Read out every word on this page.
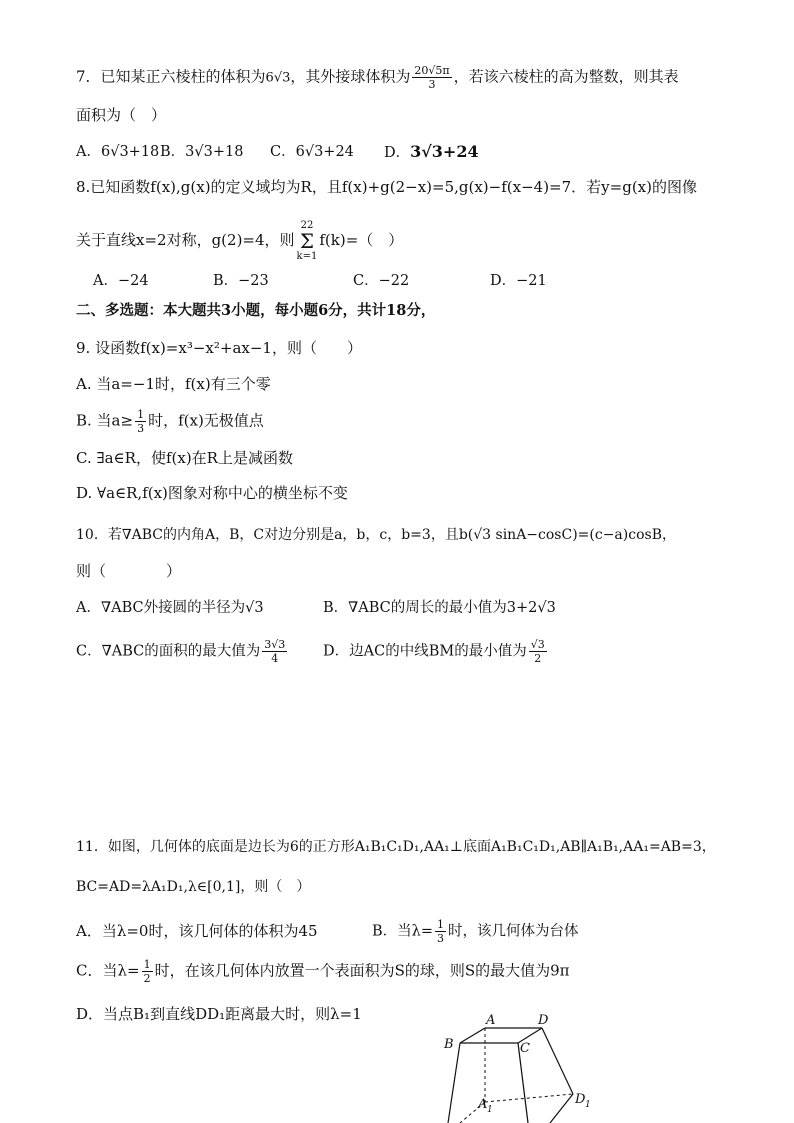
7．已知某正六棱柱的体积为6√3，其外接球体积为 $\frac{20√5\pi}{3}$ ，若该六棱柱的高为整数，则其表
面积为（　）
A．6√3+18 B．3√3+18 C．6√3+24 D．3√3+24
8.已知函数f(x),g(x)的定义域均为R，且f(x)+g(2−x)=5,g(x)−f(x−4)=7．若y=g(x)的图像
关于直线x=2对称，g(2)=4，则
22
Σ
k=1
f(k)=（　）
A．−24	B．−23	C．−22	D．−21
二、多选题：本大题共3小题，每小题6分，共计18分，
9. 设函数f(x)=x³−x²+ax−1，则（　　）
A. 当a=−1时，f(x)有三个零
B. 当$a\ge \frac{1}{3}$ 时，f(x)无极值点
C. ∃a∈R，使f(x)在R上是减函数
D. ∀a∈R,f(x)图象对称中心的横坐标不变
10．若∇ABC的内角A，B，C对边分别是a，b，c，b=3，且b(√3 sinA−cosC)=(c−a)cosB，
则（　　　　）
A．∇ABC外接圆的半径为√3	B．∇ABC的周长的最小值为3+2√3
C．∇ABC的面积的最大值为 $\frac{3√3}{4}$ D．边AC的中线BM的最小值为 $\frac{√3}{2}$
11．如图，几何体的底面是边长为6的正方形A₁B₁C₁D₁,AA₁⊥底面A₁B₁C₁D₁,AB∥A₁B₁,AA₁=AB=3，
BC=AD=λA₁D₁,λ∈[0,1]，则（　）
A．当λ=0时，该几何体的体积为45	B．当$\lambda= \frac{1}{3}$ 时，该几何体为台体
C．当$\lambda= \frac{1}{2}$ 时，在该几何体内放置一个表面积为S的球，则S的最大值为9π
D．当点B₁到直线DD₁距离最大时，则λ=1	A	D
B	C
A 1
D 1
